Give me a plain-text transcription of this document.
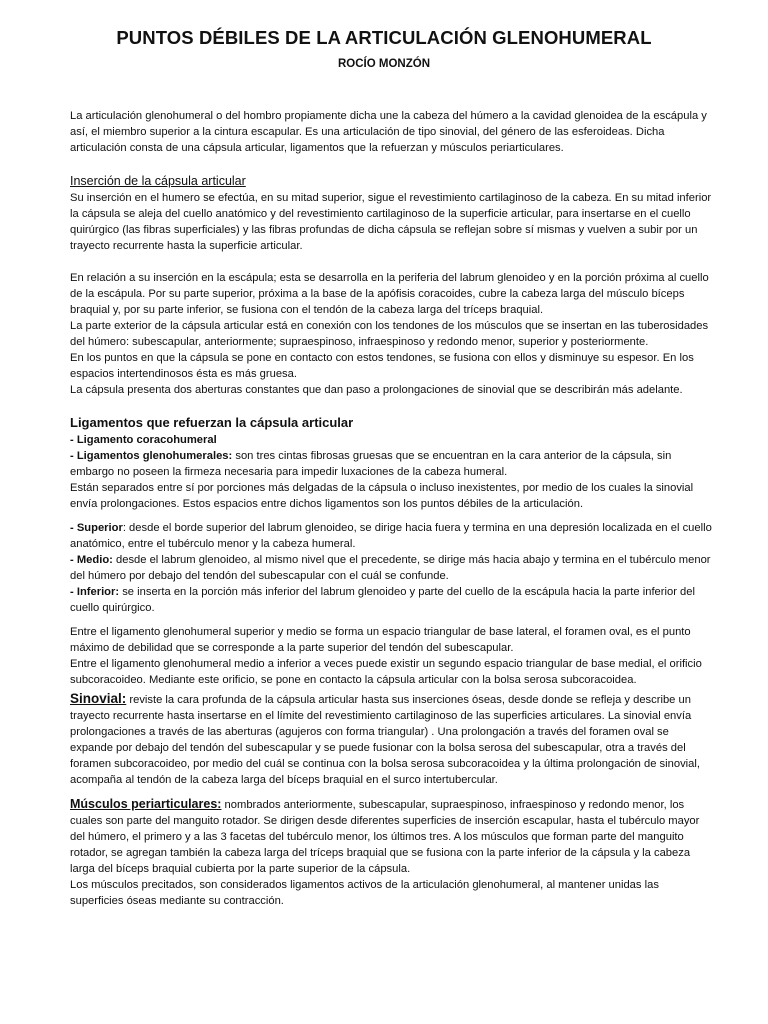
PUNTOS DÉBILES DE LA ARTICULACIÓN GLENOHUMERAL
ROCÍO MONZÓN

La articulación glenohumeral o del hombro propiamente dicha une la cabeza del húmero a la cavidad glenoidea de la escápula y así, el miembro superior a la cintura escapular. Es una articulación de tipo sinovial, del género de las esferoideas. Dicha articulación consta de una cápsula articular, ligamentos que la refuerzan y músculos periarticulares.

Inserción de la cápsula articular

Su inserción en el humero se efectúa, en su mitad superior, sigue el revestimiento cartilaginoso de la cabeza. En su mitad inferior la cápsula se aleja del cuello anatómico y del revestimiento cartilaginoso de la superficie articular, para insertarse en el cuello quirúrgico (las fibras superficiales) y las fibras profundas de dicha cápsula se reflejan sobre sí mismas y vuelven a subir por un trayecto recurrente hasta la superficie articular.

En relación a su inserción en la escápula; esta se desarrolla en la periferia del labrum glenoideo y en la porción próxima al cuello de la escápula. Por su parte superior, próxima a la base de la apófisis coracoides, cubre la cabeza larga del músculo bíceps braquial y, por su parte inferior, se fusiona con el tendón de la cabeza larga del tríceps braquial.

La parte exterior de la cápsula articular está en conexión con los tendones de los músculos que se insertan en las tuberosidades del húmero: subescapular, anteriormente; supraespinoso, infraespinoso y redondo menor, superior y posteriormente.

En los puntos en que la cápsula se pone en contacto con estos tendones, se fusiona con ellos y disminuye su espesor. En los espacios intertendinosos ésta es más gruesa.

La cápsula presenta dos aberturas constantes que dan paso a prolongaciones de sinovial que se describirán más adelante.

Ligamentos que refuerzan la cápsula articular

- Ligamento coracohumeral

- Ligamentos glenohumerales: son tres cintas fibrosas gruesas que se encuentran en la cara anterior de la cápsula, sin embargo no poseen la firmeza necesaria para impedir luxaciones de la cabeza humeral.

Están separados entre sí por porciones más delgadas de la cápsula o incluso inexistentes, por medio de los cuales la sinovial envía prolongaciones. Estos espacios entre dichos ligamentos son los puntos débiles de la articulación.

- Superior: desde el borde superior del labrum glenoideo, se dirige hacia fuera y termina en una depresión localizada en el cuello anatómico, entre el tubérculo menor y la cabeza humeral.

- Medio: desde el labrum glenoideo, al mismo nivel que el precedente, se dirige más hacia abajo y termina en el tubérculo menor del húmero por debajo del tendón del subescapular con el cuál se confunde.

- Inferior: se inserta en la porción más inferior del labrum glenoideo y parte del cuello de la escápula hacia la parte inferior del cuello quirúrgico.

Entre el ligamento glenohumeral superior y medio se forma un espacio triangular de base lateral, el foramen oval, es el punto máximo de debilidad que se corresponde a la parte superior del tendón del subescapular.

Entre el ligamento glenohumeral medio a inferior a veces puede existir un segundo espacio triangular de base medial, el orificio subcoracoideo. Mediante este orificio, se pone en contacto la cápsula articular con la bolsa serosa subcoracoidea.

Sinovial: reviste la cara profunda de la cápsula articular hasta sus inserciones óseas, desde donde se refleja y describe un trayecto recurrente hasta insertarse en el límite del revestimiento cartilaginoso de las superficies articulares. La sinovial envía prolongaciones a través de las aberturas (agujeros con forma triangular) . Una prolongación a través del foramen oval se expande por debajo del tendón del subescapular y se puede fusionar con la bolsa serosa del subescapular, otra a través del foramen subcoracoideo, por medio del cuál se continua con la bolsa serosa subcoracoidea y la última prolongación de sinovial, acompaña al tendón de la cabeza larga del bíceps braquial en el surco intertubercular.

Músculos periarticulares: nombrados anteriormente, subescapular, supraespinoso, infraespinoso y redondo menor, los cuales son parte del manguito rotador. Se dirigen desde diferentes superficies de inserción escapular, hasta el tubérculo mayor del húmero, el primero y a las 3 facetas del tubérculo menor, los últimos tres. A los músculos que forman parte del manguito rotador, se agregan también la cabeza larga del tríceps braquial que se fusiona con la parte inferior de la cápsula y la cabeza larga del bíceps braquial cubierta por la parte superior de la cápsula.

Los músculos precitados, son considerados ligamentos activos de la articulación glenohumeral, al mantener unidas las superficies óseas mediante su contracción.
